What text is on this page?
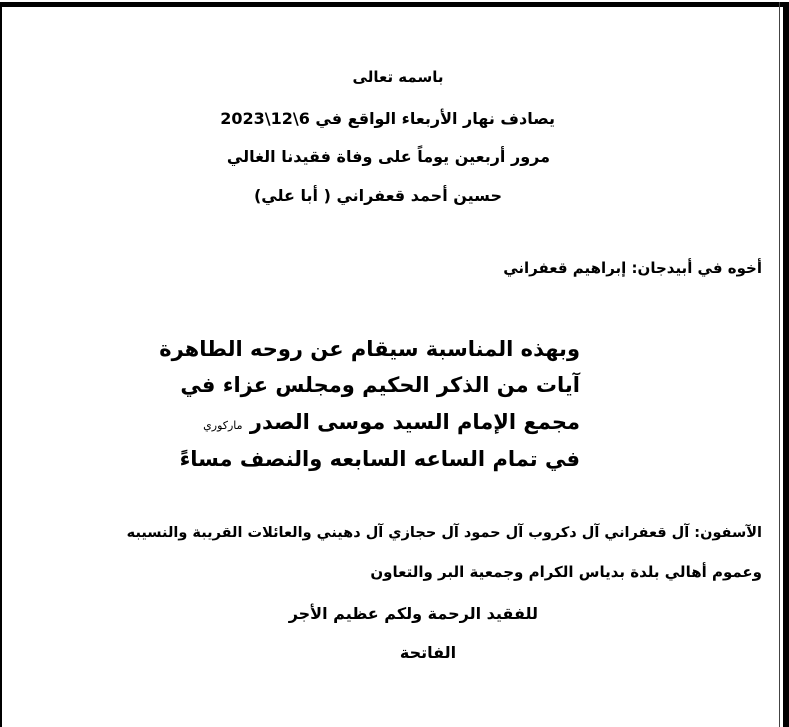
باسمه تعالى
يصادف نهار الأربعاء الواقع في 6\12\2023
مرور أربعين يوماً على وفاة فقيدنا الغالي
حسين أحمد قعفراني ( أبا علي)
أخوه في أبيدجان: إبراهيم قعفراني
وبهذه المناسبة سيقام عن روحه الطاهرة
آيات من الذكر الحكيم ومجلس عزاء في
مجمع الإمام السيد موسى الصدر ماركوري
في تمام الساعه السابعه والنصف مساءً
الآسفون: آل قعفراني آل دكروب آل حمود آل حجازي آل دهيني والعائلات القريبة والنسيبه
وعموم أهالي بلدة بدياس الكرام وجمعية البر والتعاون
للفقيد الرحمة ولكم عظيم الأجر
الفاتحة
